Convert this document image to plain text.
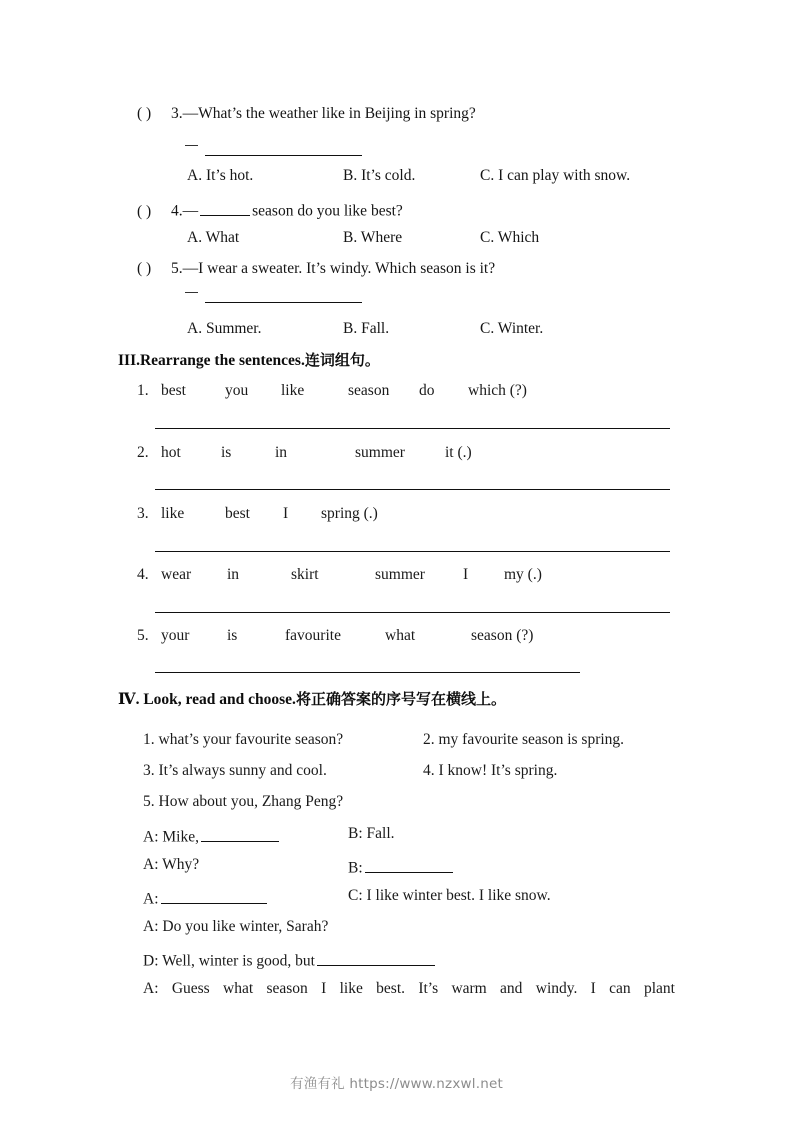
( ) 3.—What’s the weather like in Beijing in spring?
A. It’s hot.	B. It’s cold.	C. I can play with snow.
( ) 4.—	season do you like best?
A. What	B. Where	C. Which
( ) 5.—I wear a sweater. It’s windy. Which season is it?
A. Summer.	B. Fall.	C. Winter.
III.Rearrange the sentences.连词组句。
1. best	you like	season do which (?)
2. hot	is	in	summer	it (.)
3. like	best I spring (.)
4. wear in	skirt	summer I my (.)
5. your is	favourite	what	season (?)
Ⅳ. Look, read and choose.将正确答案的序号写在横线上。
1. what’s your favourite season?	2. my favourite season is spring.
3. It’s always sunny and cool.	4. I know! It’s spring.
5. How about you, Zhang Peng?
A: Mike,	B: Fall.
A: Why?	B:
A:	C: I like winter best. I like snow.
A: Do you like winter, Sarah?
D: Well, winter is good, but
A: Guess what season I like best. It’s warm and windy. I can plant
有渔有礼 https://www.nzxwl.net
